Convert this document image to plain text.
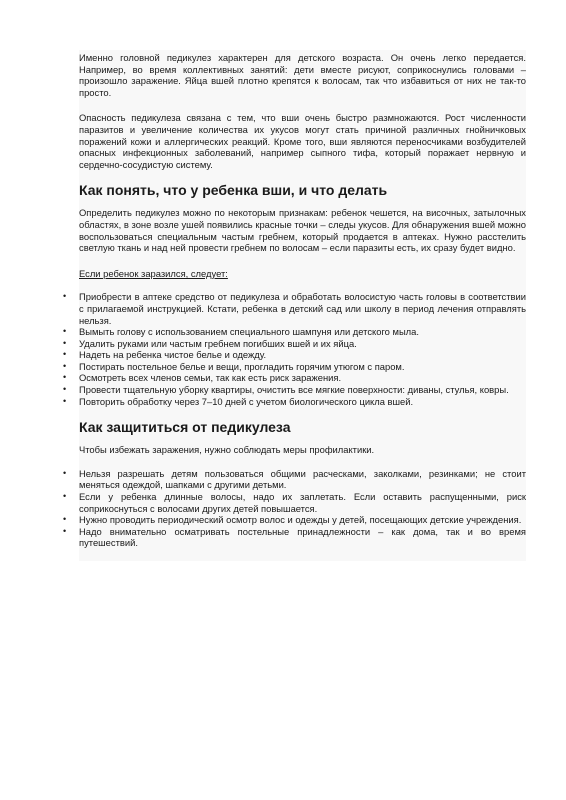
Именно головной педикулез характерен для детского возраста. Он очень легко передается. Например, во время коллективных занятий: дети вместе рисуют, соприкоснулись головами – произошло заражение. Яйца вшей плотно крепятся к волосам, так что избавиться от них не так-то просто.

Опасность педикулеза связана с тем, что вши очень быстро размножаются. Рост численности паразитов и увеличение количества их укусов могут стать причиной различных гнойничковых поражений кожи и аллергических реакций. Кроме того, вши являются переносчиками возбудителей опасных инфекционных заболеваний, например сыпного тифа, который поражает нервную и сердечно-сосудистую систему.

Как понять, что у ребенка вши, и что делать

Определить педикулез можно по некоторым признакам: ребенок чешется, на височных, затылочных областях, в зоне возле ушей появились красные точки – следы укусов. Для обнаружения вшей можно воспользоваться специальным частым гребнем, который продается в аптеках. Нужно расстелить светлую ткань и над ней провести гребнем по волосам – если паразиты есть, их сразу будет видно.

Если ребенок заразился, следует:
• Приобрести в аптеке средство от педикулеза и обработать волосистую часть головы в соответствии с прилагаемой инструкцией. Кстати, ребенка в детский сад или школу в период лечения отправлять нельзя.
• Вымыть голову с использованием специального шампуня или детского мыла.
• Удалить руками или частым гребнем погибших вшей и их яйца.
• Надеть на ребенка чистое белье и одежду.
• Постирать постельное белье и вещи, прогладить горячим утюгом с паром.
• Осмотреть всех членов семьи, так как есть риск заражения.
• Провести тщательную уборку квартиры, очистить все мягкие поверхности: диваны, стулья, ковры.
• Повторить обработку через 7–10 дней с учетом биологического цикла вшей.
Как защититься от педикулеза

Чтобы избежать заражения, нужно соблюдать меры профилактики.

• Нельзя разрешать детям пользоваться общими расческами, заколками, резинками; не стоит меняться одеждой, шапками с другими детьми.
• Если у ребенка длинные волосы, надо их заплетать. Если оставить распущенными, риск соприкоснуться с волосами других детей повышается.
• Нужно проводить периодический осмотр волос и одежды у детей, посещающих детские учреждения.
• Надо внимательно осматривать постельные принадлежности – как дома, так и во время путешествий.
